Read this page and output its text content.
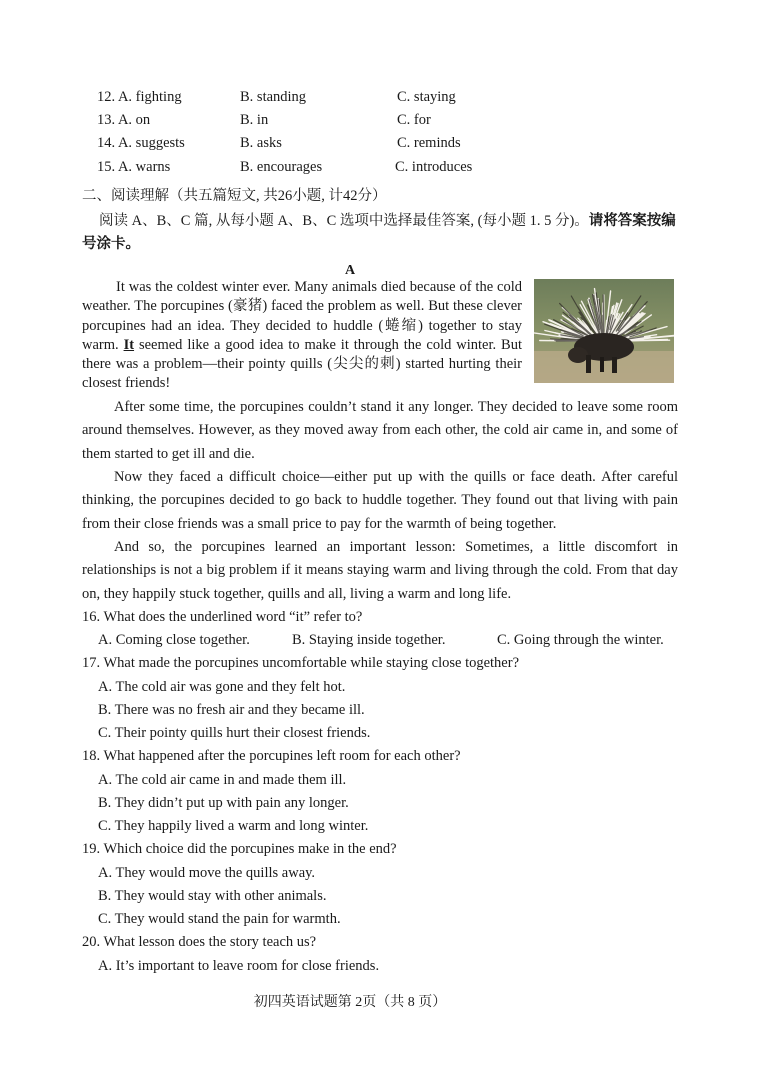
12. A. fighting	B. standing	C. staying
13. A. on	B. in	C. for
14. A. suggests	B. asks	C. reminds
15. A. warns	B. encourages	C. introduces
二、阅读理解（共五篇短文, 共26小题, 计42分）
阅读 A、B、C 篇, 从每小题 A、B、C 选项中选择最佳答案, (每小题 1. 5 分)。请将答案按编号涂卡。
A
It was the coldest winter ever. Many animals died because of the cold weather. The porcupines (豪猪) faced the problem as well. But these clever porcupines had an idea. They decided to huddle (蜷缩) together to stay warm. It seemed like a good idea to make it through the cold winter. But there was a problem—their pointy quills (尖尖的刺) started hurting their closest friends!
After some time, the porcupines couldn’t stand it any longer. They decided to leave some room around themselves. However, as they moved away from each other, the cold air came in, and some of them started to get ill and die.
Now they faced a difficult choice—either put up with the quills or face death. After careful thinking, the porcupines decided to go back to huddle together. They found out that living with pain from their close friends was a small price to pay for the warmth of being together.
And so, the porcupines learned an important lesson: Sometimes, a little discomfort in relationships is not a big problem if it means staying warm and living through the cold. From that day on, they happily stuck together, quills and all, living a warm and long life.
16. What does the underlined word “it” refer to?
A. Coming close together.	B. Staying inside together.	C. Going through the winter.
17. What made the porcupines uncomfortable while staying close together?
A. The cold air was gone and they felt hot.
B. There was no fresh air and they became ill.
C. Their pointy quills hurt their closest friends.
18. What happened after the porcupines left room for each other?
A. The cold air came in and made them ill.
B. They didn’t put up with pain any longer.
C. They happily lived a warm and long winter.
19. Which choice did the porcupines make in the end?
A. They would move the quills away.
B. They would stay with other animals.
C. They would stand the pain for warmth.
20. What lesson does the story teach us?
A. It’s important to leave room for close friends.
初四英语试题第 2页（共 8 页）
